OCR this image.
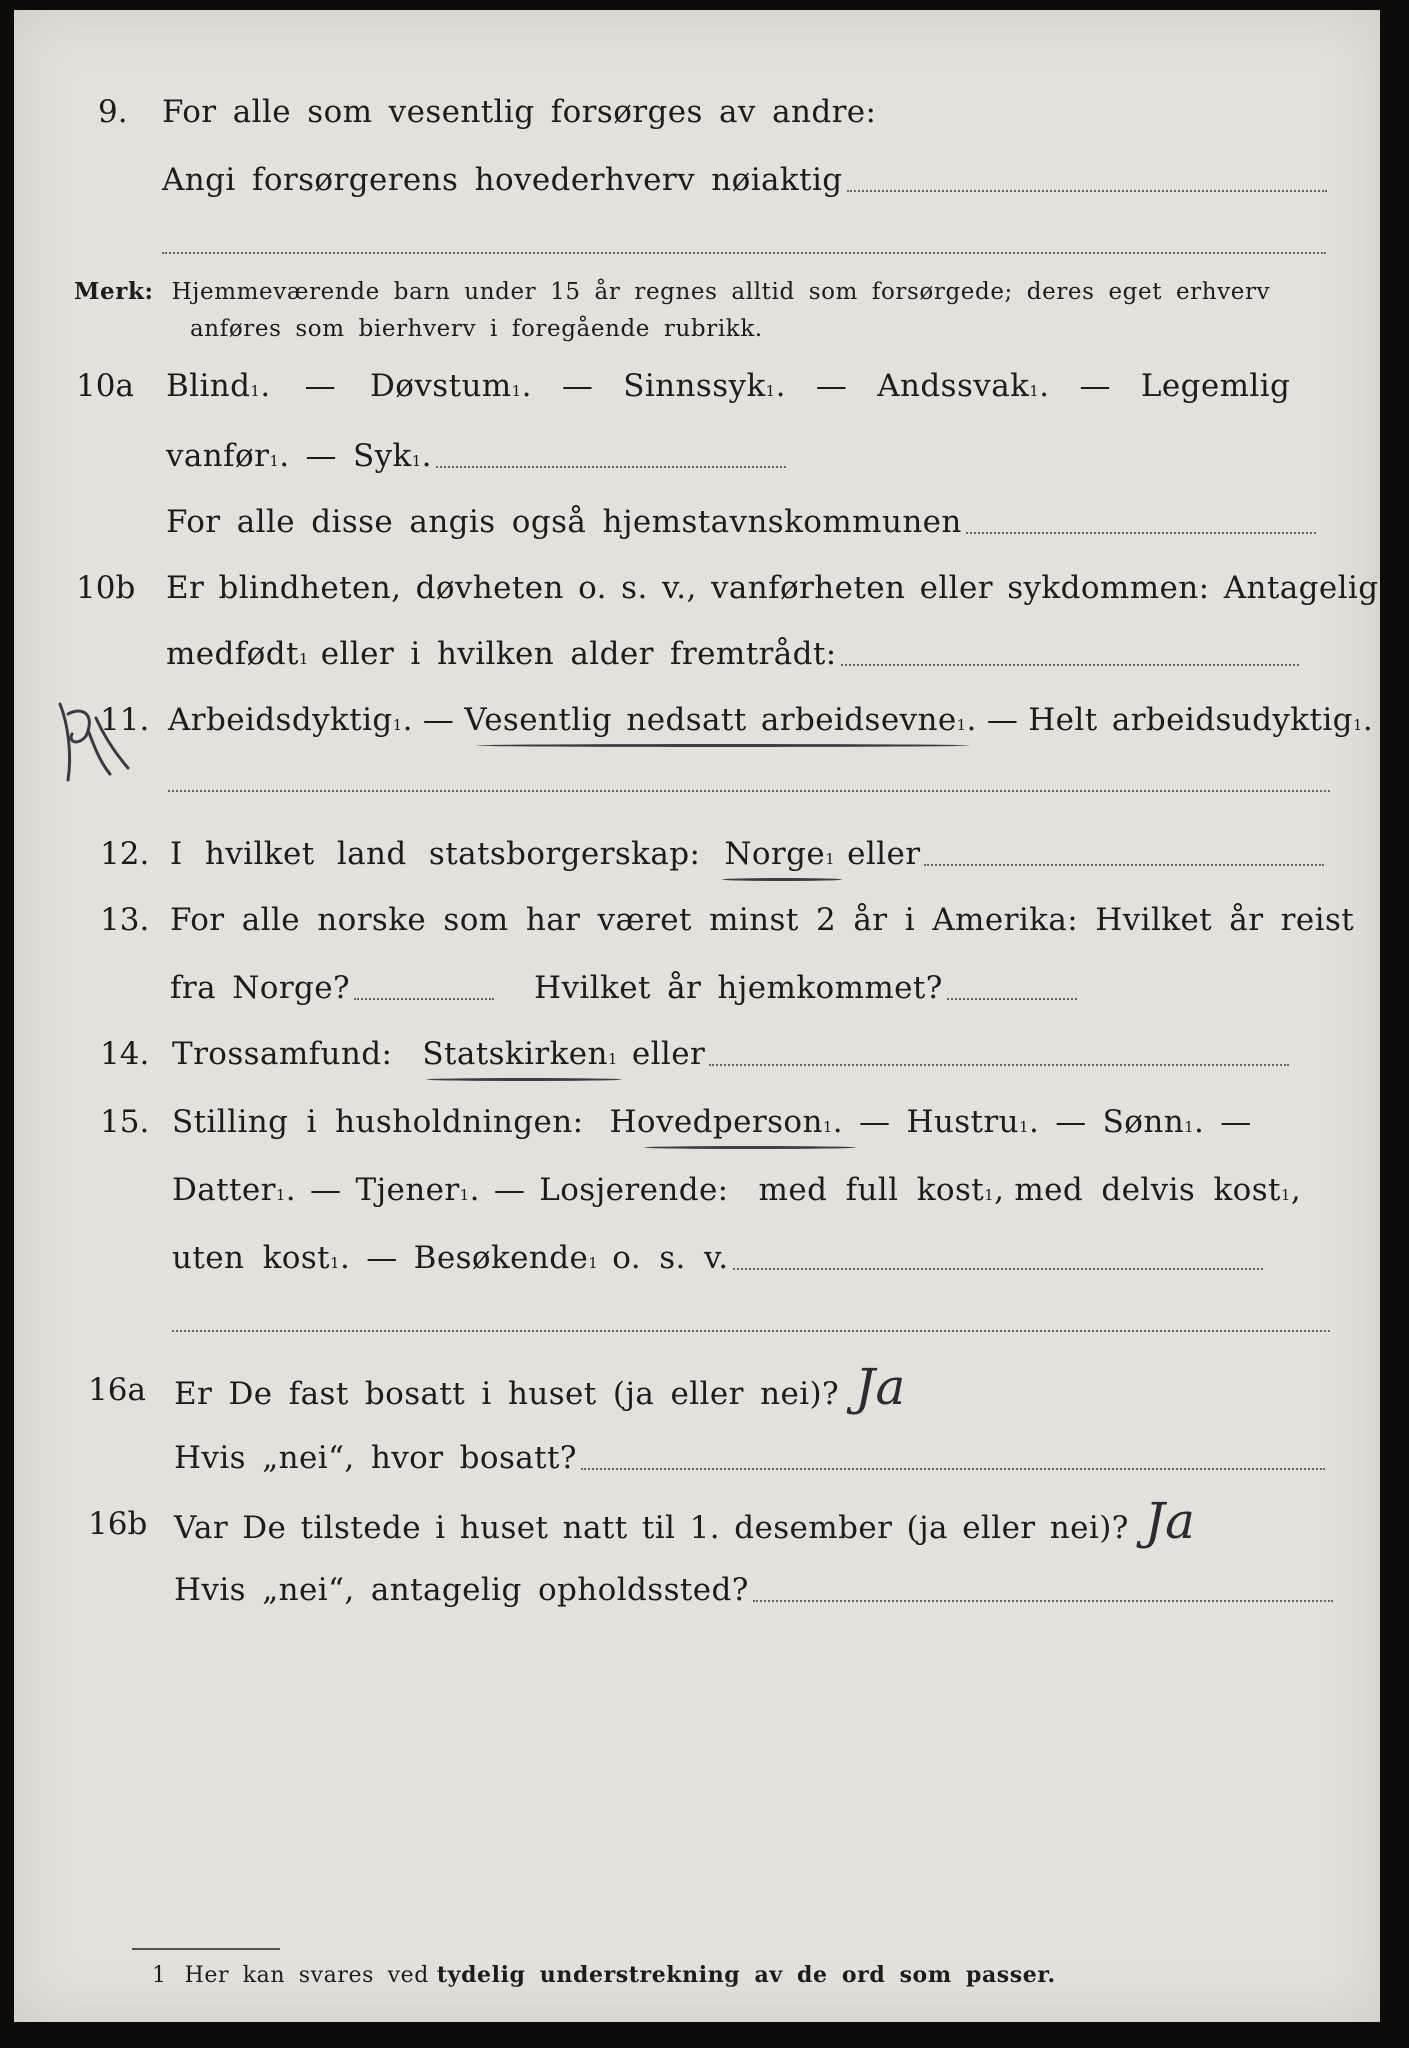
9. For alle som vesentlig forsørges av andre:
Angi forsørgerens hovederhverv nøiaktig
Merk: Hjemmeværende barn under 15 år regnes alltid som forsørgede; deres eget erhverv
anføres som bierhverv i foregående rubrikk.
10a Blind 1 . — Døvstum 1 . — Sinnssyk 1 . — Andssvak 1 . — Legemlig
vanfør 1 . — Syk 1 .
For alle disse angis også hjemstavnskommunen
10b Er blindheten, døvheten o. s. v., vanførheten eller sykdommen: Antagelig
medfødt 1 eller i hvilken alder fremtrådt:
11. Arbeidsdyktig 1 . — Vesentlig nedsatt arbeidsevne 1 . — Helt arbeidsudyktig 1 .
12. I hvilket land statsborgerskap: Norge 1 eller
13. For alle norske som har været minst 2 år i Amerika: Hvilket år reist
fra Norge?	Hvilket år hjemkommet?
14. Trossamfund: Statskirken 1 eller
15. Stilling i husholdningen: Hovedperson 1 . — Hustru 1 . — Sønn 1 . —
Datter 1 . — Tjener 1 . — Losjerende: med full kost 1 , med delvis kost 1 ,
uten kost 1 . — Besøkende 1 o. s. v.
16a Er De fast bosatt i huset (ja eller nei)? Ja
Hvis „nei“, hvor bosatt?
16b Var De tilstede i huset natt til 1. desember (ja eller nei)? Ja
Hvis „nei“, antagelig opholdssted?
1 Her kan svares ved tydelig understrekning av de ord som passer.
